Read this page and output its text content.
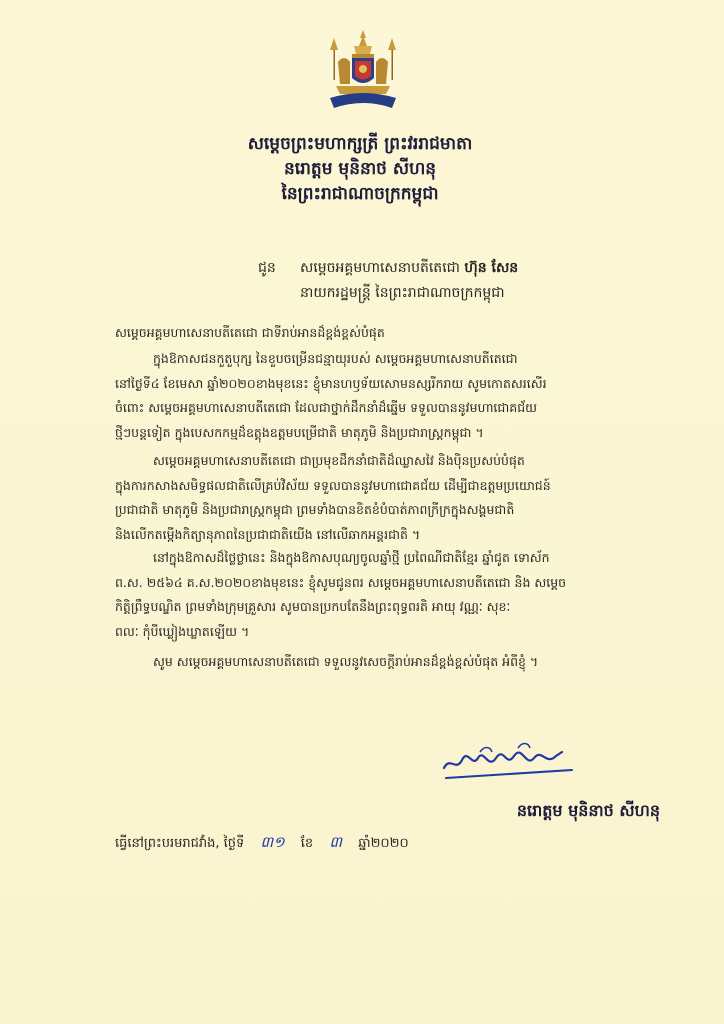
សម្ដេចព្រះមហាក្សត្រី ព្រះវររាជមាតា
នរោត្តម មុនិនាថ សីហនុ
នៃព្រះរាជាណាចក្រកម្ពុជា
ជូន សម្ដេចអគ្គមហាសេនាបតីតេជោ ហ៊ុន សែន
នាយករដ្ឋមន្ត្រី នៃព្រះរាជាណាចក្រកម្ពុជា
សម្ដេចអគ្គមហាសេនាបតីតេជោ ជាទីរាប់អានដ៏ខ្ពង់ខ្ពស់បំផុត
ក្នុងឱកាសជនកួតួបុក្ស នៃខួបចម្រើនជន្មាយុរបស់ សម្ដេចអគ្គមហាសេនាបតីតេជោ
នៅថ្ងៃទី៤ ខែមេសា ឆ្នាំ២០២០ខាងមុខនេះ ខ្ញុំមានហឫទ័យសោមនស្សរីករាយ សូមកោតសរសើរ
ចំពោះ សម្ដេចអគ្គមហាសេនាបតីតេជោ ដែលជាថ្នាក់ដឹកនាំដ៏ឆ្នើម ទទួលបាននូវមហាជោគជ័យ
ថ្មីៗបន្តទៀត ក្នុងបេសកកម្មដ៏ឧត្ដុងឧត្ដមបម្រើជាតិ មាតុភូមិ និងប្រជារាស្ត្រកម្ពុជា ។
សម្ដេចអគ្គមហាសេនាបតីតេជោ ជាប្រមុខដឹកនាំជាតិដ៏ឈ្លាសវៃ និងប៉ិនប្រសប់បំផុត
ក្នុងការកសាងសមិទ្ធផលជាតិលើគ្រប់វិស័យ ទទួលបាននូវមហាជោគជ័យ ដើម្បីជាឧត្ដមប្រយោជន៍
ប្រជាជាតិ មាតុភូមិ និងប្រជារាស្ត្រកម្ពុជា ព្រមទាំងបានខិតខំបំបាត់ភាពក្រីក្រក្នុងសង្គមជាតិ
និងលើកតម្កើងកិត្យានុភាពនៃប្រជាជាតិយើង នៅលើឆាកអន្តរជាតិ ។
នៅក្នុងឱកាសដ៏ថ្លៃថ្លានេះ និងក្នុងឱកាសបុណ្យចូលឆ្នាំថ្មី ប្រពៃណីជាតិខ្មែរ ឆ្នាំជូត ទោស័ក
ព.ស. ២៥៦៤ គ.ស.២០២០ខាងមុខនេះ ខ្ញុំសូមជូនពរ សម្ដេចអគ្គមហាសេនាបតីតេជោ និង សម្ដេច
កិត្តិព្រឹទ្ធបណ្ឌិត ព្រមទាំងក្រុមគ្រួសារ សូមបានប្រកបតែនឹងព្រះពុទ្ធពរតិ អាយុ វណ្ណៈ សុខៈ
ពលៈ កុំបីឃ្លៀងឃ្លាតឡើយ ។
សូម សម្ដេចអគ្គមហាសេនាបតីតេជោ ទទួលនូវសេចក្ដីរាប់អានដ៏ខ្ពង់ខ្ពស់បំផុត អំពីខ្ញុំ ។
នរោត្តម មុនិនាថ សីហនុ
ធ្វើនៅព្រះបរមរាជវាំង, ថ្ងៃទី ៣១ ខែ ៣ ឆ្នាំ២០២០
